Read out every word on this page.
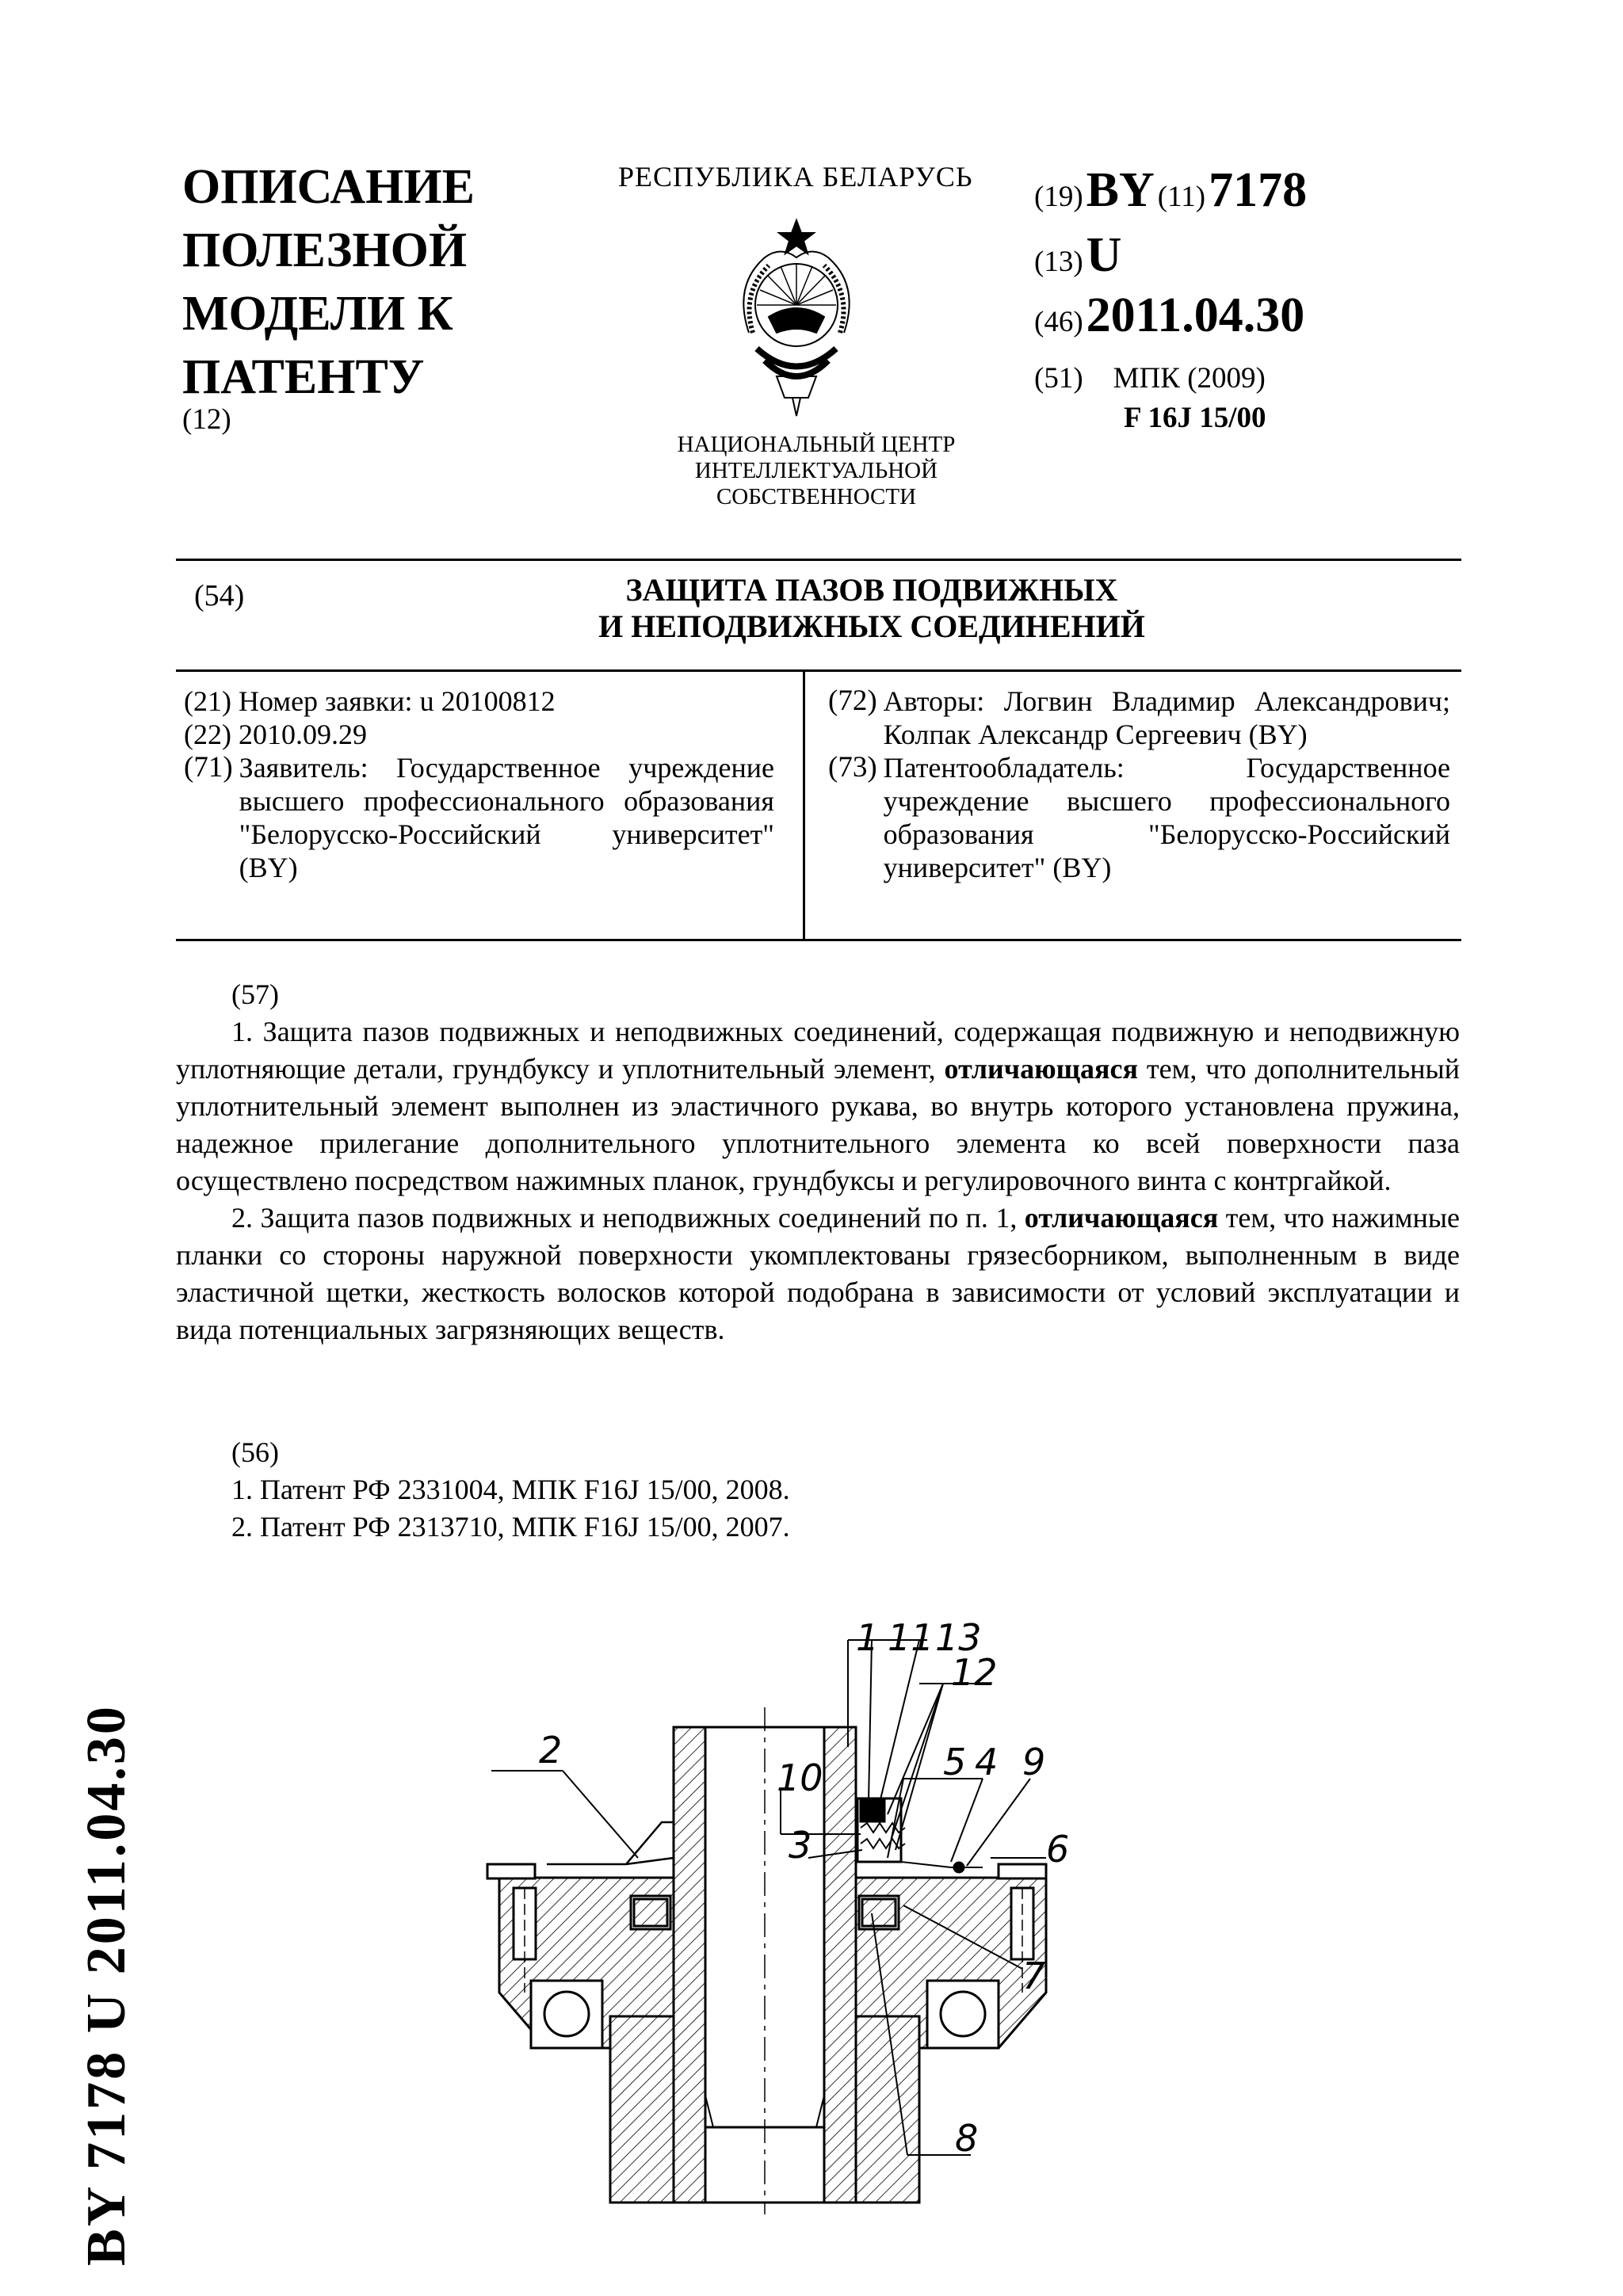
ОПИСАНИЕ
ПОЛЕЗНОЙ
МОДЕЛИ К
ПАТЕНТУ
(12)
РЕСПУБЛИКА БЕЛАРУСЬ
НАЦИОНАЛЬНЫЙ ЦЕНТР
ИНТЕЛЛЕКТУАЛЬНОЙ
СОБСТВЕННОСТИ
(19) BY (11) 7178
(13) U
(46) 2011.04.30
(51) МПК (2009)
F 16J 15/00
(54)	ЗАЩИТА ПАЗОВ ПОДВИЖНЫХ
И НЕПОДВИЖНЫХ СОЕДИНЕНИЙ
(21) Номер заявки: u 20100812
(22) 2010.09.29
(71) Заявитель: Государственное учреждение высшего профессионального образования "Белорусско-Российский университет" (BY)
(72) Авторы: Логвин Владимир Александрович; Колпак Александр Сергеевич (BY)
(73) Патентообладатель: Государственное учреждение высшего профессионального образования "Белорусско-Российский университет" (BY)
(57)

1. Защита пазов подвижных и неподвижных соединений, содержащая подвижную и неподвижную уплотняющие детали, грундбуксу и уплотнительный элемент, отличающаяся тем, что дополнительный уплотнительный элемент выполнен из эластичного рукава, во внутрь которого установлена пружина, надежное прилегание дополнительного уплотнительного элемента ко всей поверхности паза осуществлено посредством нажимных планок, грундбуксы и регулировочного винта с контргайкой.

2. Защита пазов подвижных и неподвижных соединений по п. 1, отличающаяся тем, что нажимные планки со стороны наружной поверхности укомплектованы грязесборником, выполненным в виде эластичной щетки, жесткость волосков которой подобрана в зависимости от условий эксплуатации и вида потенциальных загрязняющих веществ.

(56)
1. Патент РФ 2331004, МПК F16J 15/00, 2008.
2. Патент РФ 2313710, МПК F16J 15/00, 2007.
BY 7178 U 2011.04.30
1 11 13
12
2
10	5 4 9
3	6
7
8
